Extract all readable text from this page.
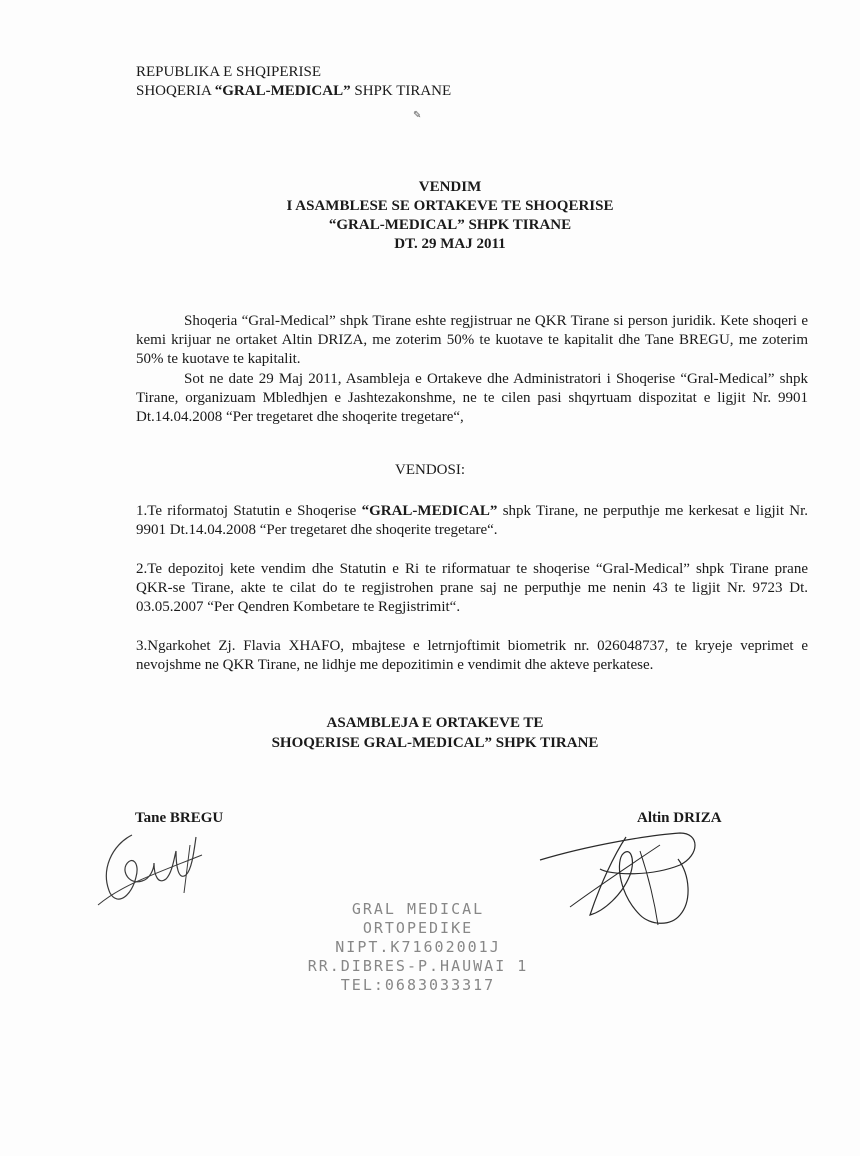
REPUBLIKA E SHQIPERISE
SHOQERIA “GRAL-MEDICAL” SHPK TIRANE
✎
VENDIM
I ASAMBLESE SE ORTAKEVE TE SHOQERISE
“GRAL-MEDICAL” SHPK TIRANE
DT. 29 MAJ 2011
Shoqeria “Gral-Medical” shpk Tirane eshte regjistruar ne QKR Tirane si person juridik. Kete shoqeri e kemi krijuar ne ortaket Altin DRIZA, me zoterim 50% te kuotave te kapitalit dhe Tane BREGU, me zoterim 50% te kuotave te kapitalit.
Sot ne date 29 Maj 2011, Asambleja e Ortakeve dhe Administratori i Shoqerise “Gral-Medical” shpk Tirane, organizuam Mbledhjen e Jashtezakonshme, ne te cilen pasi shqyrtuam dispozitat e ligjit Nr. 9901 Dt.14.04.2008 “Per tregetaret dhe shoqerite tregetare“,
VENDOSI:
1.Te riformatoj Statutin e Shoqerise “GRAL-MEDICAL” shpk Tirane, ne perputhje me kerkesat e ligjit Nr. 9901 Dt.14.04.2008 “Per tregetaret dhe shoqerite tregetare“.
2.Te depozitoj kete vendim dhe Statutin e Ri te riformatuar te shoqerise “Gral-Medical” shpk Tirane prane QKR-se Tirane, akte te cilat do te regjistrohen prane saj ne perputhje me nenin 43 te ligjit Nr. 9723 Dt. 03.05.2007 “Per Qendren Kombetare te Regjistrimit“.
3.Ngarkohet Zj. Flavia XHAFO, mbajtese e letrnjoftimit biometrik nr. 026048737, te kryeje veprimet e nevojshme ne QKR Tirane, ne lidhje me depozitimin e vendimit dhe akteve perkatese.
ASAMBLEJA E ORTAKEVE TE
SHOQERISE GRAL-MEDICAL” SHPK TIRANE
Tane BREGU	Altin DRIZA
GRAL MEDICAL
ORTOPEDIKE
NIPT.K71602001J
RR.DIBRES-P.HAUWAI 1
TEL:0683033317
